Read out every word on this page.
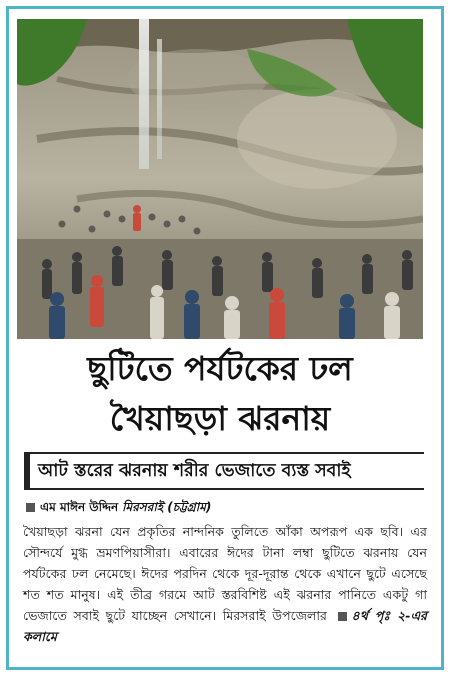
ছুটিতে পর্যটকের ঢল
খৈয়াছড়া ঝরনায়
আট স্তরের ঝরনায় শরীর ভেজাতে ব্যস্ত সবাই
এম মাঈন উদ্দিন মিরসরাই (চট্টগ্রাম)

খৈয়াছড়া ঝরনা যেন প্রকৃতির নান্দনিক তুলিতে আঁকা অপরূপ এক ছবি। এর সৌন্দর্যে মুগ্ধ ভ্রমণপিয়াসীরা। এবারের ঈদের টানা লম্বা ছুটিতে ঝরনায় যেন পর্যটকের ঢল নেমেছে। ঈদের পরদিন থেকে দূর-দূরান্ত থেকে এখানে ছুটে এসেছে শত শত মানুষ। এই তীব্র গরমে আট স্তরবিশিষ্ট এই ঝরনার পানিতে একটু গা ভেজাতে সবাই ছুটে যাচ্ছেন সেখানে। মিরসরাই উপজেলার ৪র্থ পৃঃ ২-এর কলামে
